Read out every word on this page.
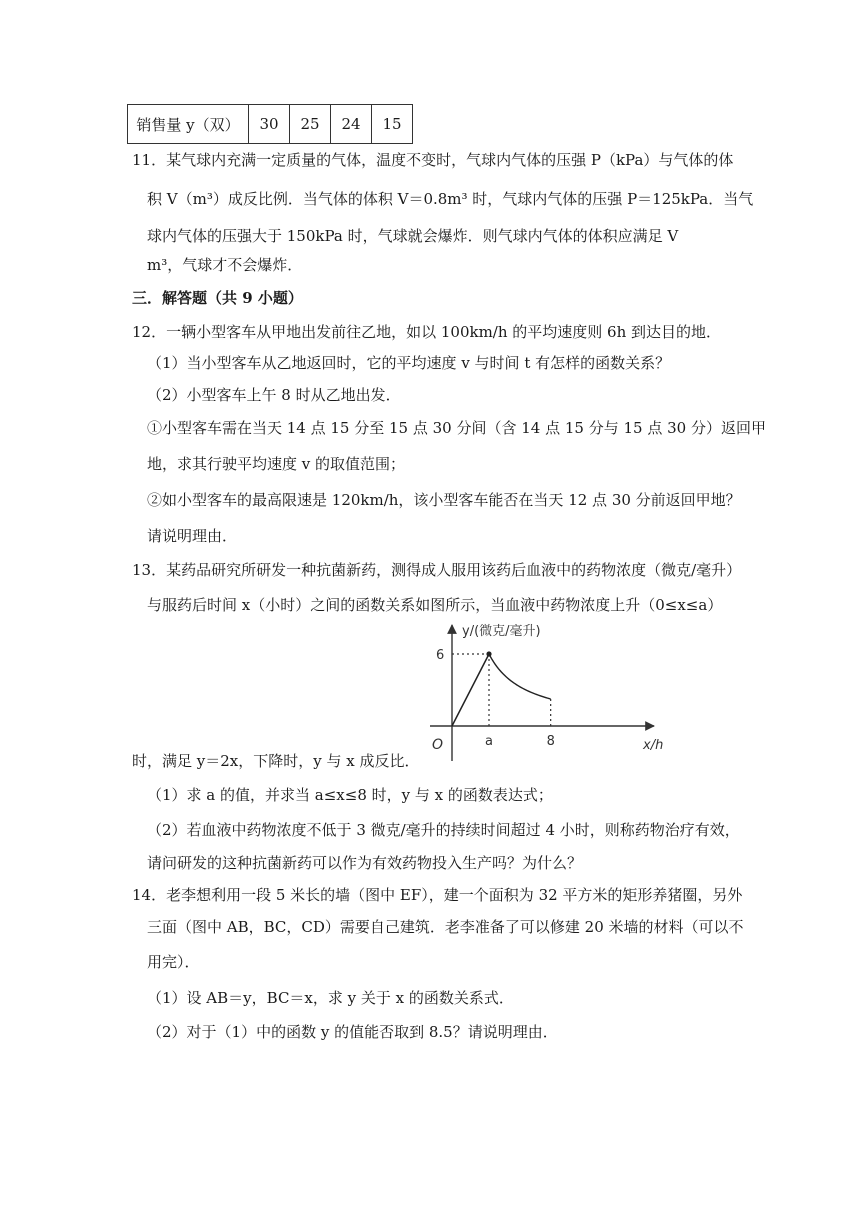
销售量 y（双）	30	25	24	15
11．某气球内充满一定质量的气体，温度不变时，气球内气体的压强 P（kPa）与气体的体
积 V（m³）成反比例．当气体的体积 V＝0.8m³ 时，气球内气体的压强 P＝125kPa．当气
球内气体的压强大于 150kPa 时，气球就会爆炸．则气球内气体的体积应满足 V
m³，气球才不会爆炸．
三．解答题（共 9 小题）
12．一辆小型客车从甲地出发前往乙地，如以 100km/h 的平均速度则 6h 到达目的地．
（1）当小型客车从乙地返回时，它的平均速度 v 与时间 t 有怎样的函数关系？
（2）小型客车上午 8 时从乙地出发．
①小型客车需在当天 14 点 15 分至 15 点 30 分间（含 14 点 15 分与 15 点 30 分）返回甲
地，求其行驶平均速度 v 的取值范围；
②如小型客车的最高限速是 120km/h，该小型客车能否在当天 12 点 30 分前返回甲地？
请说明理由．
13．某药品研究所研发一种抗菌新药，测得成人服用该药后血液中的药物浓度（微克/毫升）
与服药后时间 x（小时）之间的函数关系如图所示，当血液中药物浓度上升（0≤x≤a）
y/(微克/毫升)
x/h
O
6
a	8
时，满足 y＝2x，下降时，y 与 x 成反比．
（1）求 a 的值，并求当 a≤x≤8 时，y 与 x 的函数表达式；
（2）若血液中药物浓度不低于 3 微克/毫升的持续时间超过 4 小时，则称药物治疗有效，
请问研发的这种抗菌新药可以作为有效药物投入生产吗？为什么？
14．老李想利用一段 5 米长的墙（图中 EF），建一个面积为 32 平方米的矩形养猪圈，另外
三面（图中 AB，BC，CD）需要自己建筑．老李准备了可以修建 20 米墙的材料（可以不
用完）．
（1）设 AB＝y，BC＝x，求 y 关于 x 的函数关系式．
（2）对于（1）中的函数 y 的值能否取到 8.5？请说明理由．
